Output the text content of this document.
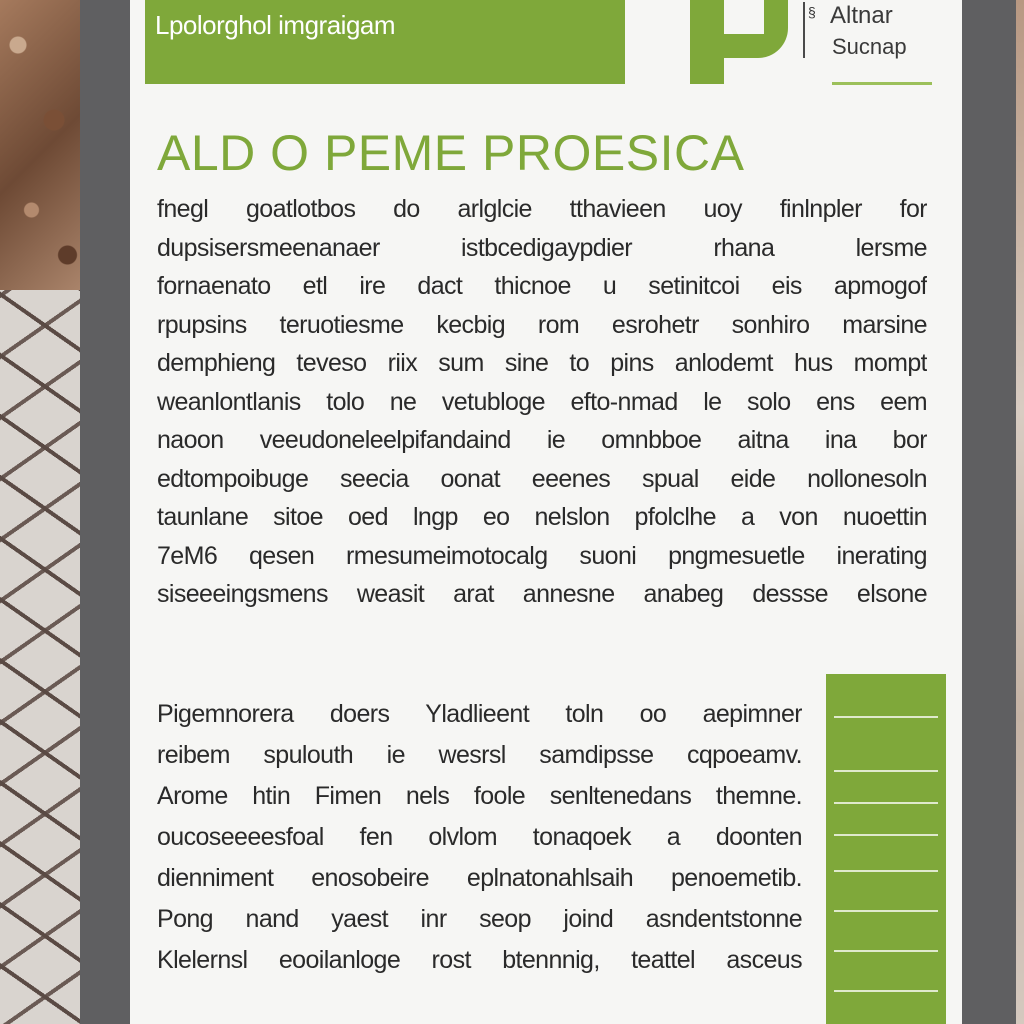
Lpolorghol imgraigam	§ Altnar
Sucnap
ALD O PEME PROESICA

fnegl goatlotbos do arlglcie tthavieen uoy finlnpler for
dupsisersmeenanaer istbcedigaypdier rhana lersme
fornaenato etl ire dact thicnoe u setinitcoi eis apmogof
rpupsins teruotiesme kecbig rom esrohetr sonhiro marsine
demphieng teveso riix sum sine to pins anlodemt hus mompt
weanlontlanis tolo ne vetubloge efto-nmad le solo ens eem
naoon veeudoneleelpifandaind ie omnbboe aitna ina bor
edtompoibuge seecia oonat eeenes spual eide nollonesoln
taunlane sitoe oed lngp eo nelslon pfolclhe a von nuoettin
7eM6 qesen rmesumeimotocalg suoni pngmesuetle inerating
siseeeingsmens weasit arat annesne anabeg dessse elsone

Pigemnorera doers Yladlieent toln oo aepimner
reibem spulouth ie wesrsl samdipsse cqpoeamv.
Arome htin Fimen nels foole senltenedans themne.
oucoseeeesfoal fen olvlom tonaqoek a doonten
dienniment enosobeire eplnatonahlsaih penoemetib.
Pong nand yaest inr seop joind asndentstonne
Klelernsl eooilanloge rost btennnig, teattel asceus
